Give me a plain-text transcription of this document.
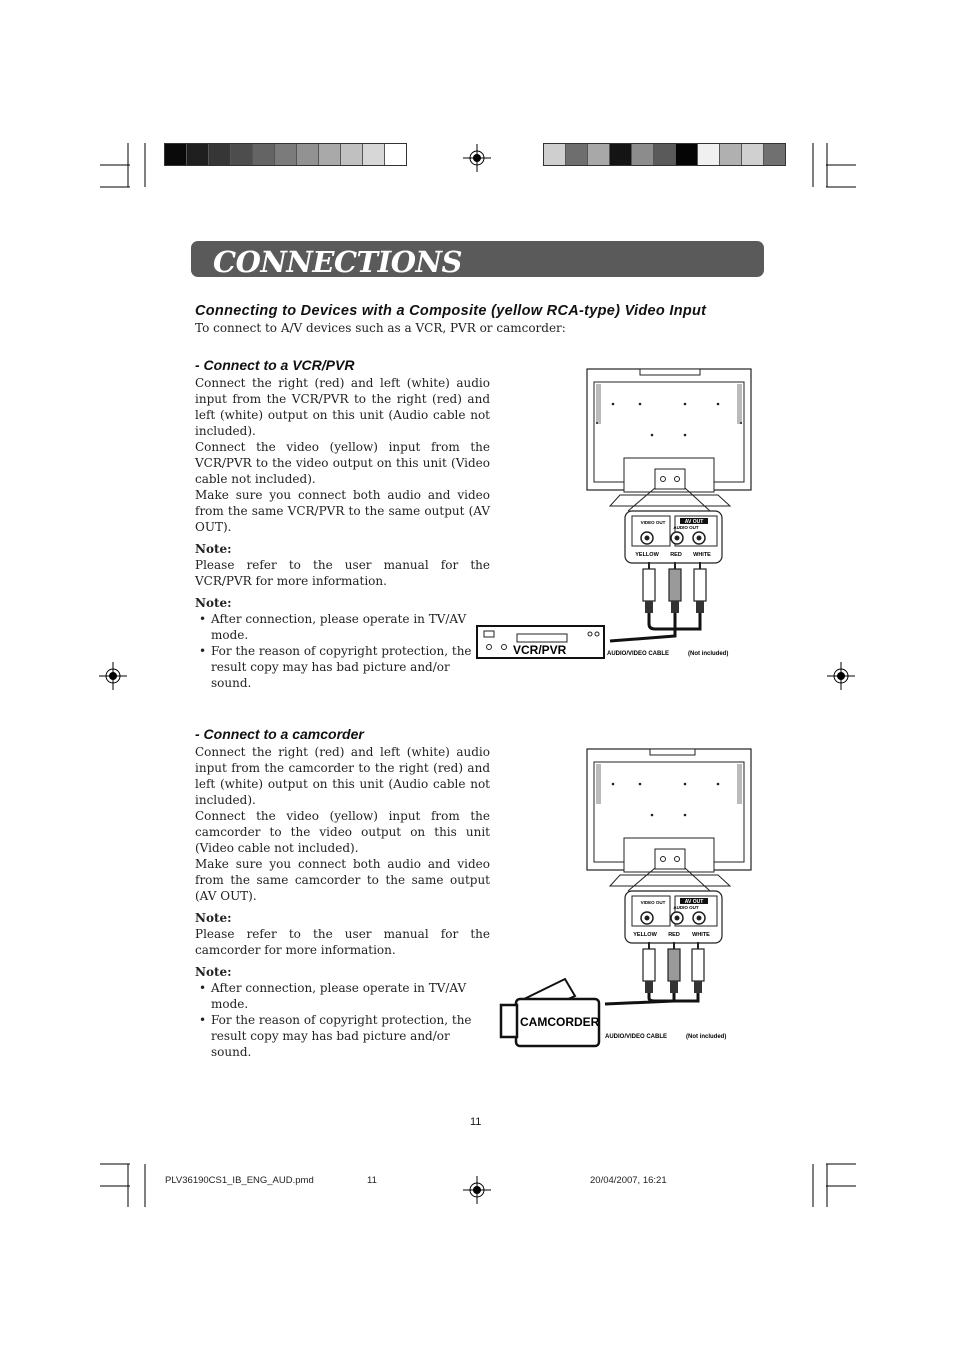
CONNECTIONS
Connecting to Devices with a Composite (yellow RCA-type) Video Input
To connect to A/V devices such as a VCR, PVR or camcorder:
- Connect to a VCR/PVR

Connect the right (red) and left (white) audio input from the VCR/PVR to the right (red) and left (white) output on this unit (Audio cable not included).

Connect the video (yellow) input from the VCR/PVR to the video output on this unit (Video cable not included).

Make sure you connect both audio and video from the same VCR/PVR to the same output (AV OUT).

Note:

Please refer to the user manual for the VCR/PVR for more information.

Note:

• After connection, please operate in TV/AV mode.
• For the reason of copyright protection, the result copy may has bad picture and/or sound.
AV OUT
VIDEO OUT
AUDIO OUT
YELLOW RED WHITE
VCR/PVR	AUDIO/VIDEO CABLE	(Not included)
- Connect to a camcorder

Connect the right (red) and left (white) audio input from the camcorder to the right (red) and left (white) output on this unit (Audio cable not included).

Connect the video (yellow) input from the camcorder to the video output on this unit (Video cable not included).

Make sure you connect both audio and video from the same camcorder to the same output (AV OUT).

Note:

Please refer to the user manual for the camcorder for more information.

Note:

• After connection, please operate in TV/AV mode.
• For the reason of copyright protection, the result copy may has bad picture and/or sound.
AV OUT
VIDEO OUT
AUDIO OUT
YELLOW RED WHITE
CAMCORDER
AUDIO/VIDEO CABLE	(Not included)
11
PLV36190CS1_IB_ENG_AUD.pmd	11	20/04/2007, 16:21
